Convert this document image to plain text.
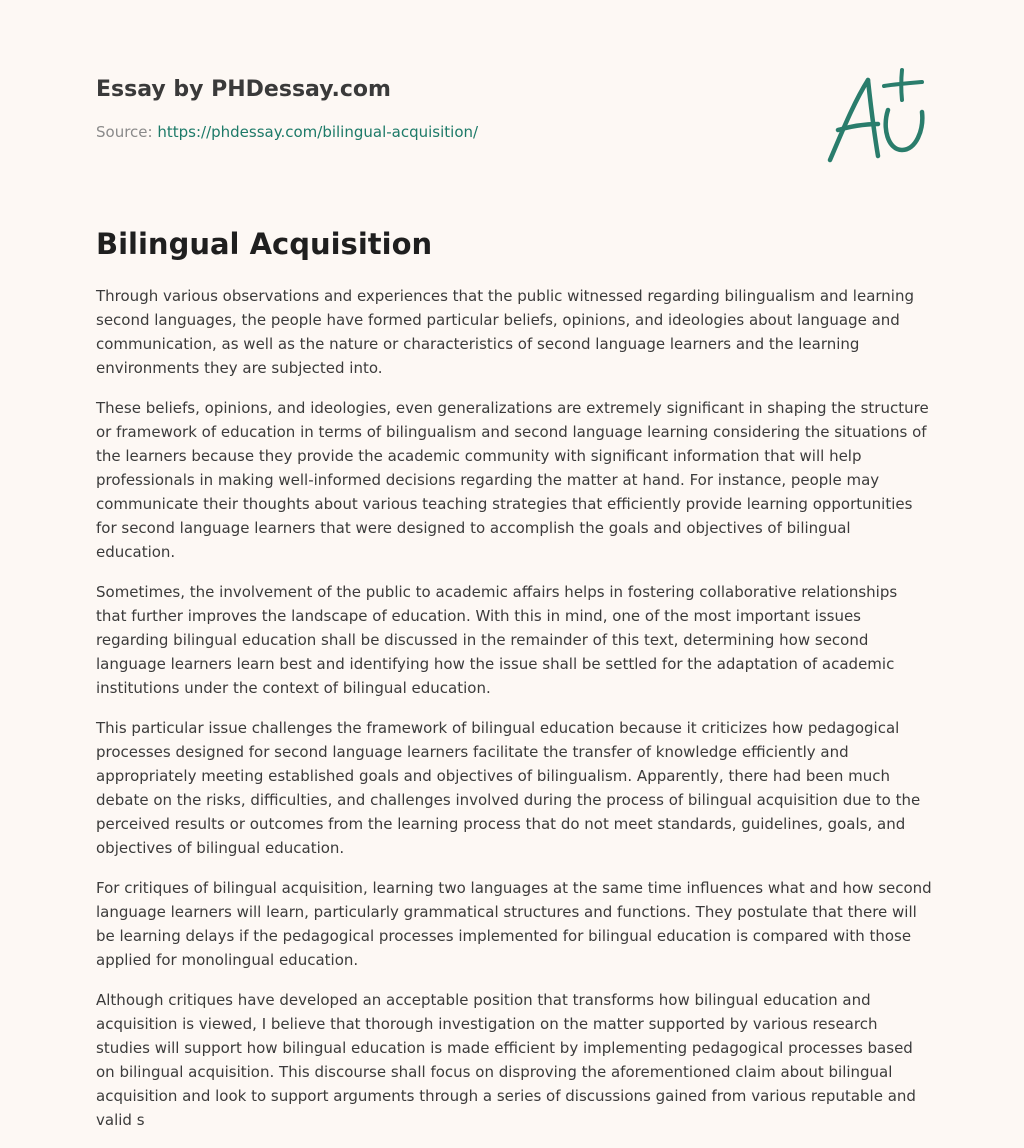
Essay by PHDessay.com
Source: https://phdessay.com/bilingual-acquisition/
Bilingual Acquisition

Through various observations and experiences that the public witnessed regarding bilingualism and learning second languages, the people have formed particular beliefs, opinions, and ideologies about language and communication, as well as the nature or characteristics of second language learners and the learning environments they are subjected into.

These beliefs, opinions, and ideologies, even generalizations are extremely significant in shaping the structure or framework of education in terms of bilingualism and second language learning considering the situations of the learners because they provide the academic community with significant information that will help professionals in making well-informed decisions regarding the matter at hand. For instance, people may communicate their thoughts about various teaching strategies that efficiently provide learning opportunities for second language learners that were designed to accomplish the goals and objectives of bilingual education.

Sometimes, the involvement of the public to academic affairs helps in fostering collaborative relationships that further improves the landscape of education. With this in mind, one of the most important issues regarding bilingual education shall be discussed in the remainder of this text, determining how second language learners learn best and identifying how the issue shall be settled for the adaptation of academic institutions under the context of bilingual education.

This particular issue challenges the framework of bilingual education because it criticizes how pedagogical processes designed for second language learners facilitate the transfer of knowledge efficiently and appropriately meeting established goals and objectives of bilingualism. Apparently, there had been much debate on the risks, difficulties, and challenges involved during the process of bilingual acquisition due to the perceived results or outcomes from the learning process that do not meet standards, guidelines, goals, and objectives of bilingual education.

For critiques of bilingual acquisition, learning two languages at the same time influences what and how second language learners will learn, particularly grammatical structures and functions. They postulate that there will be learning delays if the pedagogical processes implemented for bilingual education is compared with those applied for monolingual education.

Although critiques have developed an acceptable position that transforms how bilingual education and acquisition is viewed, I believe that thorough investigation on the matter supported by various research studies will support how bilingual education is made efficient by implementing pedagogical processes based on bilingual acquisition. This discourse shall focus on disproving the aforementioned claim about bilingual acquisition and look to support arguments through a series of discussions gained from various reputable and valid s
